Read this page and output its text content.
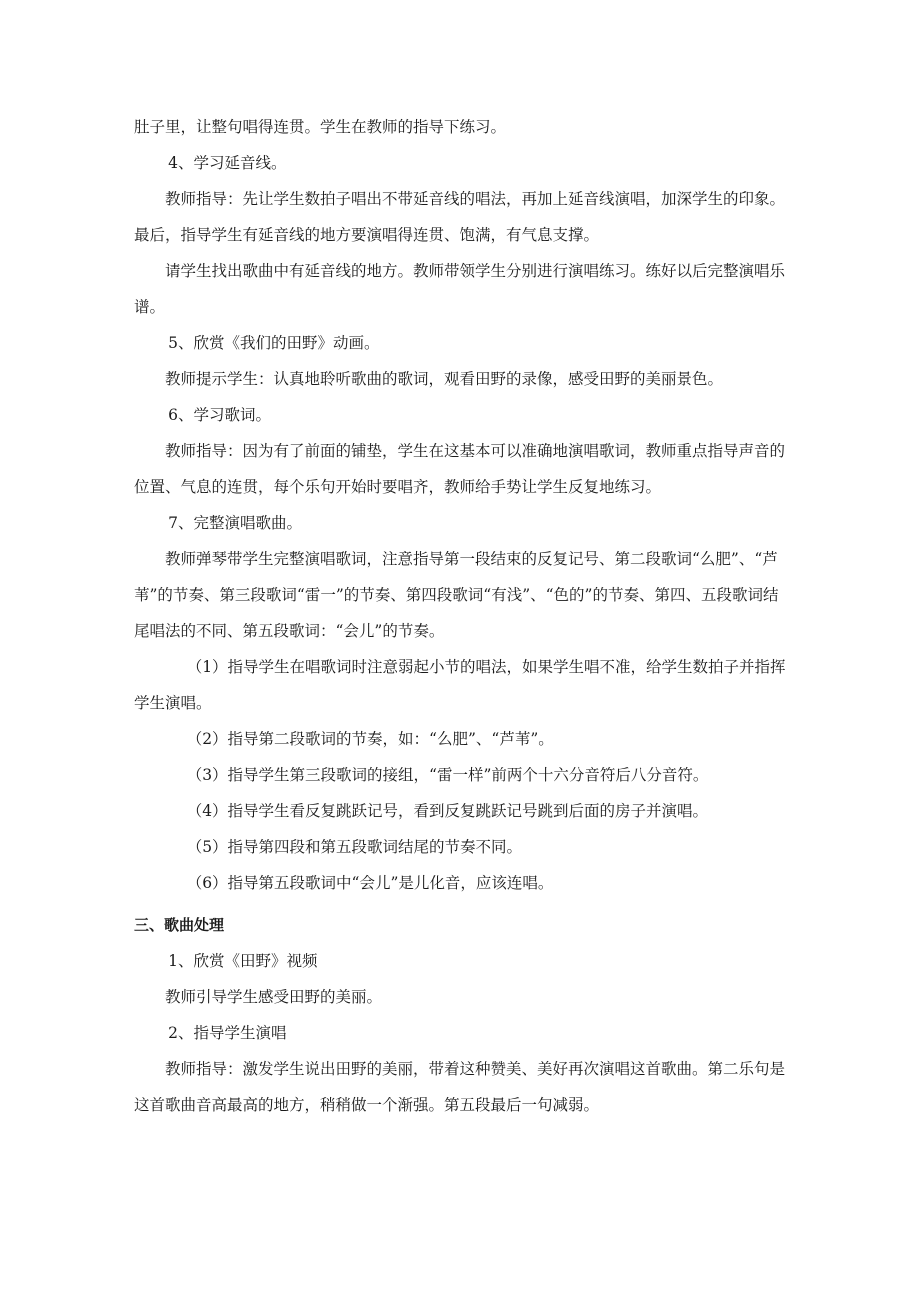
肚子里，让整句唱得连贯。学生在教师的指导下练习。

4、学习延音线。

教师指导：先让学生数拍子唱出不带延音线的唱法，再加上延音线演唱，加深学生的印象。最后，指导学生有延音线的地方要演唱得连贯、饱满，有气息支撑。

请学生找出歌曲中有延音线的地方。教师带领学生分别进行演唱练习。练好以后完整演唱乐谱。

5、欣赏《我们的田野》动画。

教师提示学生：认真地聆听歌曲的歌词，观看田野的录像，感受田野的美丽景色。

6、学习歌词。

教师指导：因为有了前面的铺垫，学生在这基本可以准确地演唱歌词，教师重点指导声音的位置、气息的连贯，每个乐句开始时要唱齐，教师给手势让学生反复地练习。

7、完整演唱歌曲。

教师弹琴带学生完整演唱歌词，注意指导第一段结束的反复记号、第二段歌词“么肥”、“芦苇”的节奏、第三段歌词“雷一”的节奏、第四段歌词“有浅”、“色的”的节奏、第四、五段歌词结尾唱法的不同、第五段歌词：“会儿”的节奏。

（1）指导学生在唱歌词时注意弱起小节的唱法，如果学生唱不准，给学生数拍子并指挥学生演唱。

（2）指导第二段歌词的节奏，如：“么肥”、“芦苇”。

（3）指导学生第三段歌词的接组，“雷一样”前两个十六分音符后八分音符。

（4）指导学生看反复跳跃记号，看到反复跳跃记号跳到后面的房子并演唱。

（5）指导第四段和第五段歌词结尾的节奏不同。

（6）指导第五段歌词中“会儿”是儿化音，应该连唱。

三、歌曲处理

1、欣赏《田野》视频

教师引导学生感受田野的美丽。

2、指导学生演唱

教师指导：激发学生说出田野的美丽，带着这种赞美、美好再次演唱这首歌曲。第二乐句是这首歌曲音高最高的地方，稍稍做一个渐强。第五段最后一句减弱。
